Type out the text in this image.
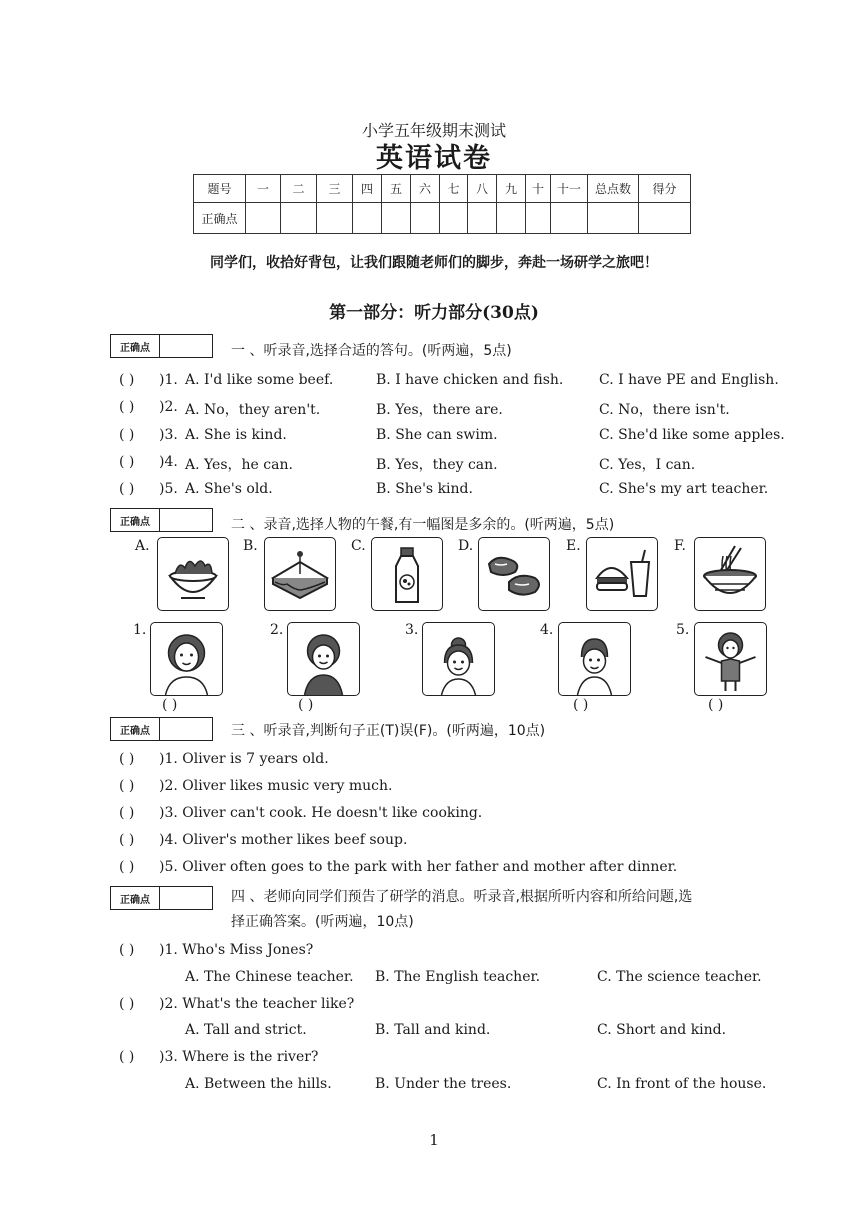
小学五年级期末测试
英语试卷
题号	一	二	三	四	五	六	七	八	九	十	十一	总点数	得分
正确点													
同学们，收拾好背包，让我们跟随老师们的脚步，奔赴一场研学之旅吧！
第一部分：听力部分(30点)
正确点	一 、听录音,选择合适的答句。(听两遍，5点)
( ) )1. A. I'd like some beef.	B. I have chicken and fish.	C. I have PE and English.
( ) )2. A. No，they aren't.	B. Yes，there are.	C. No，there isn't.
( ) )3. A. She is kind.	B. She can swim.	C. She'd like some apples.
( ) )4. A. Yes，he can.	B. Yes，they can.	C. Yes，I can.
( ) )5. A. She's old.	B. She's kind.	C. She's my art teacher.
正确点	二 、录音,选择人物的午餐,有一幅图是多余的。(听两遍，5点)
A.	B.	C.	D.	E.	F.
1.	2.	3.	4.	5.
( )	( )	( )	( )
正确点	三 、听录音,判断句子正(T)误(F)。(听两遍，10点)
( ) )1. Oliver is 7 years old.
( ) )2. Oliver likes music very much.
( ) )3. Oliver can't cook. He doesn't like cooking.
( ) )4. Oliver's mother likes beef soup.
( ) )5. Oliver often goes to the park with her father and mother after dinner.
正确点	四 、老师向同学们预告了研学的消息。听录音,根据所听内容和所给问题,选
择正确答案。(听两遍，10点)
( ) )1. Who's Miss Jones?
A. The Chinese teacher. B. The English teacher.	C. The science teacher.
( ) )2. What's the teacher like?
A. Tall and strict.	B. Tall and kind.	C. Short and kind.
( ) )3. Where is the river?
A. Between the hills.	B. Under the trees.	C. In front of the house.
1
